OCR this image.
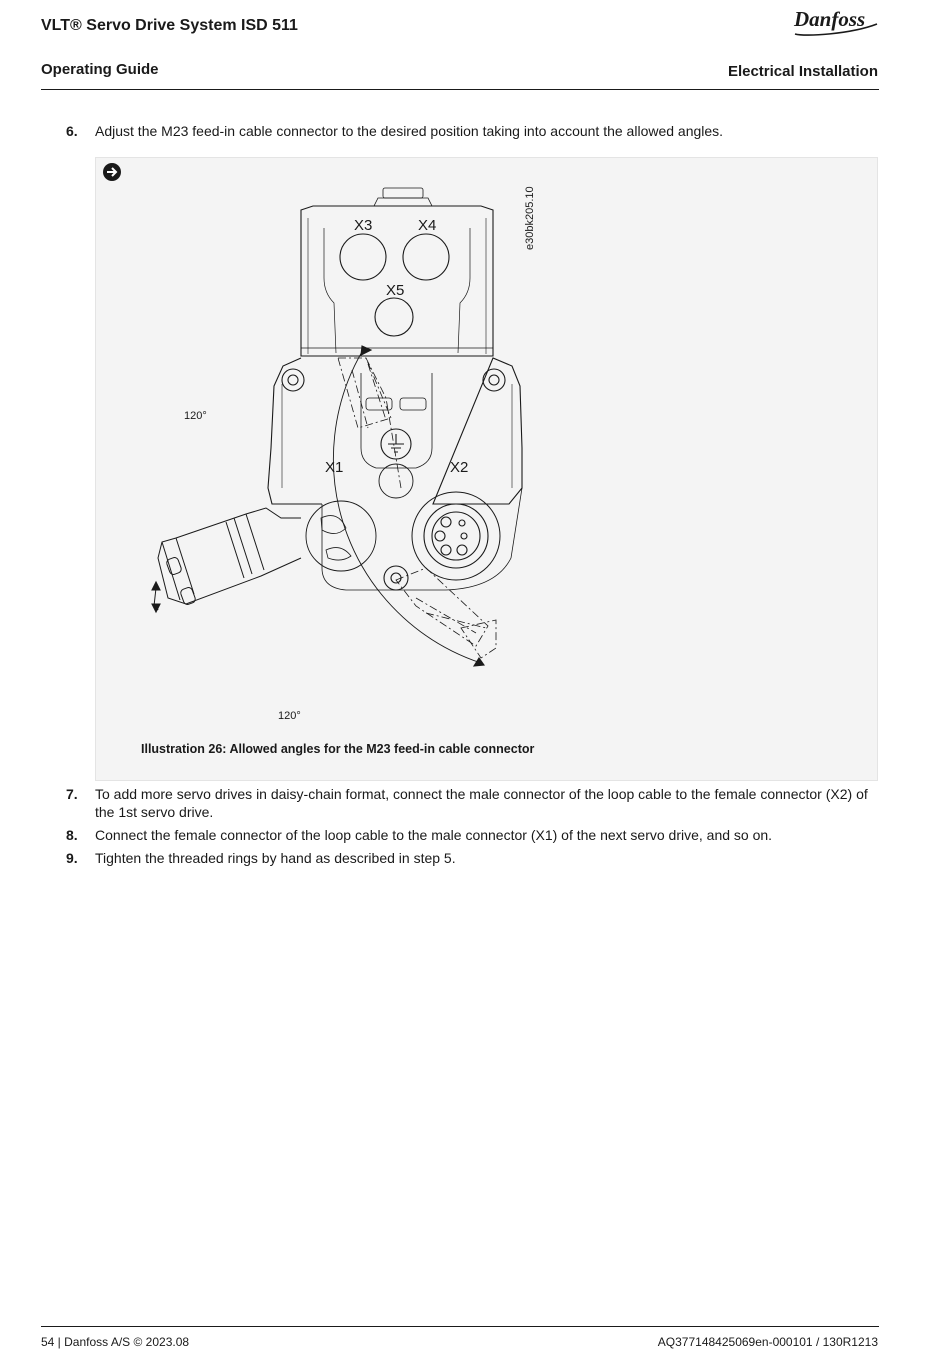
VLT® Servo Drive System ISD 511
Operating Guide	Electrical Installation
Danfoss
6. Adjust the M23 feed-in cable connector to the desired position taking into account the allowed angles.
X3	X4
X5
X1	X2
120°
120°
e30bk205.10
Illustration 26: Allowed angles for the M23 feed-in cable connector
7. To add more servo drives in daisy-chain format, connect the male connector of the loop cable to the female connector (X2) of the 1st servo drive.
8. Connect the female connector of the loop cable to the male connector (X1) of the next servo drive, and so on.
9. Tighten the threaded rings by hand as described in step 5.
54 | Danfoss A/S © 2023.08	AQ377148425069en-000101 / 130R1213
